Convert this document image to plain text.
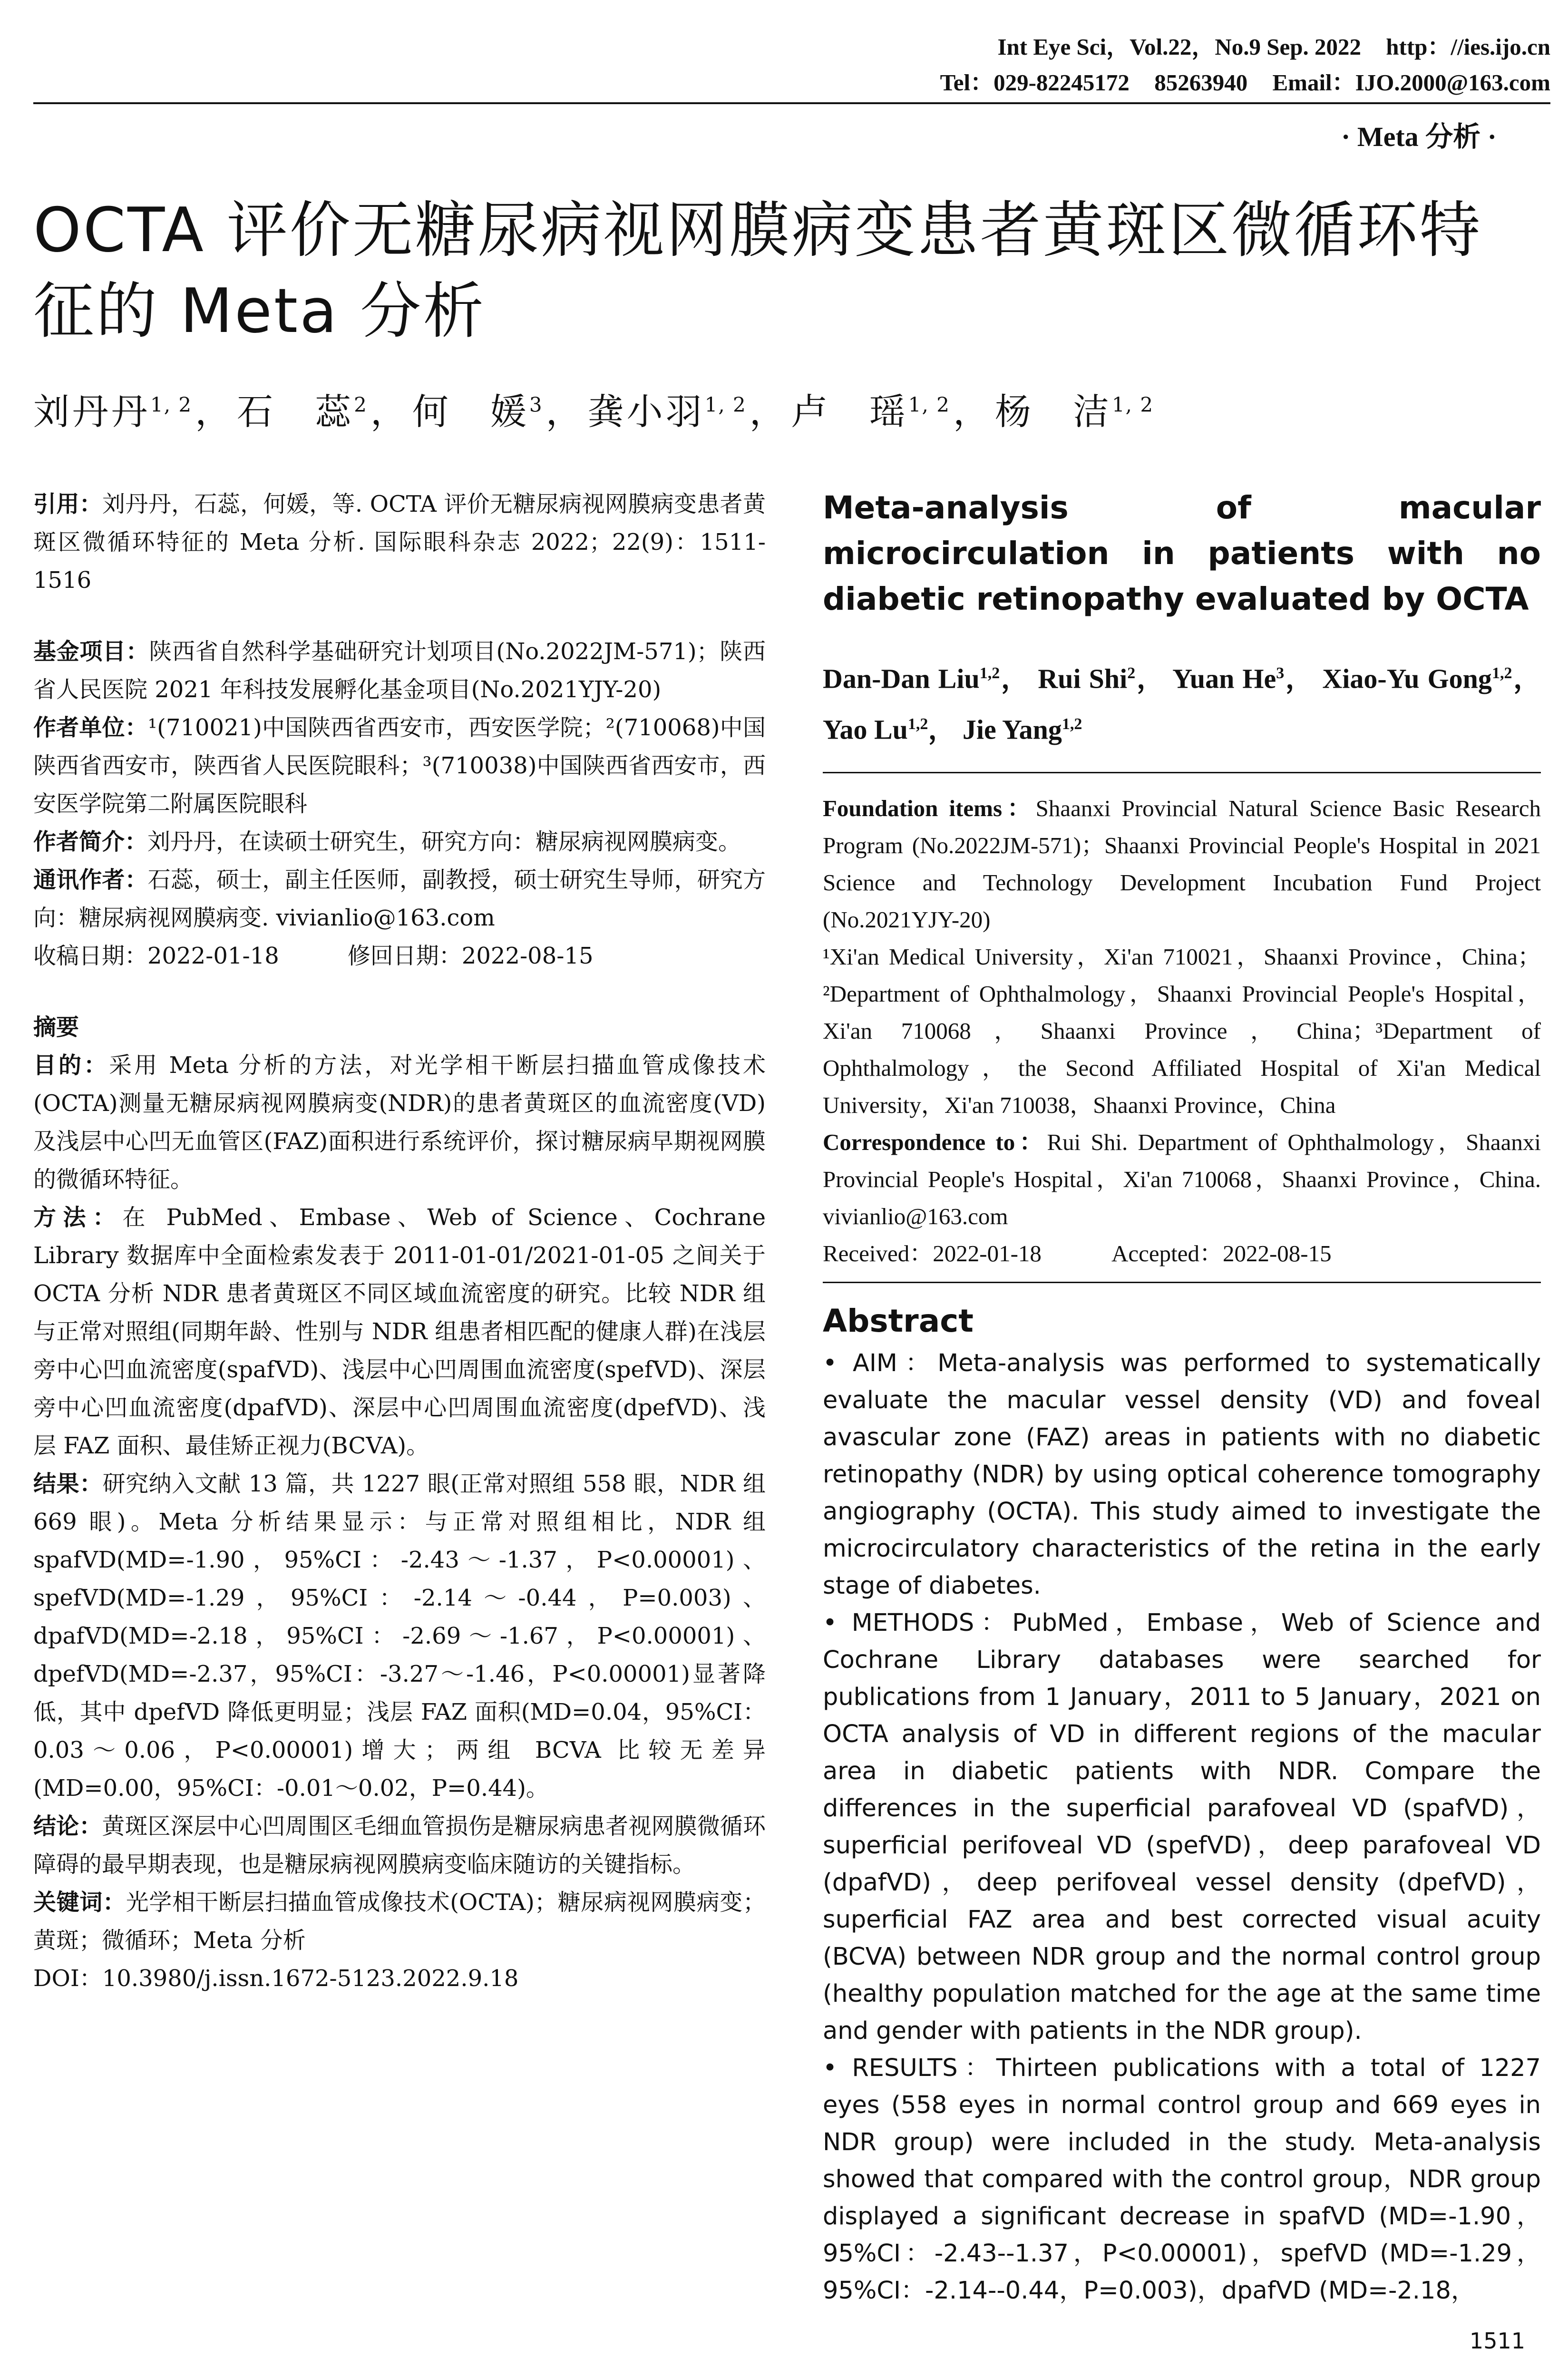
Int Eye Sci，Vol.22，No.9 Sep. 2022 http：//ies.ijo.cn
Tel：029-82245172 85263940 Email：IJO.2000@163.com
· Meta 分析 ·
OCTA 评价无糖尿病视网膜病变患者黄斑区微循环特征的 Meta 分析
刘丹丹$^{1, 2}$，石　蕊$^2$，何　媛$^3$，龚小羽$^{1, 2}$，卢　瑶$^{1, 2}$，杨　洁$^{1, 2}$

引用：刘丹丹，石蕊，何媛，等. OCTA 评价无糖尿病视网膜病变患者黄斑区微循环特征的 Meta 分析. 国际眼科杂志 2022；22(9)：1511-1516

基金项目：陕西省自然科学基础研究计划项目(No.2022JM-571)；陕西省人民医院 2021 年科技发展孵化基金项目(No.2021YJY-20)

作者单位：¹(710021)中国陕西省西安市，西安医学院；²(710068)中国陕西省西安市，陕西省人民医院眼科；³(710038)中国陕西省西安市，西安医学院第二附属医院眼科

作者简介：刘丹丹，在读硕士研究生，研究方向：糖尿病视网膜病变。

通讯作者：石蕊，硕士，副主任医师，副教授，硕士研究生导师，研究方向：糖尿病视网膜病变. vivianlio@163.com

收稿日期：2022-01-18　　　	修回日期：2022-08-15

摘要

目的：采用 Meta 分析的方法，对光学相干断层扫描血管成像技术(OCTA)测量无糖尿病视网膜病变(NDR)的患者黄斑区的血流密度(VD)及浅层中心凹无血管区(FAZ)面积进行系统评价，探讨糖尿病早期视网膜的微循环特征。

方法：在 PubMed、Embase、Web of Science、Cochrane Library 数据库中全面检索发表于 2011-01-01/2021-01-05 之间关于 OCTA 分析 NDR 患者黄斑区不同区域血流密度的研究。比较 NDR 组与正常对照组(同期年龄、性别与 NDR 组患者相匹配的健康人群)在浅层旁中心凹血流密度(spafVD)、浅层中心凹周围血流密度(spefVD)、深层旁中心凹血流密度(dpafVD)、深层中心凹周围血流密度(dpefVD)、浅层 FAZ 面积、最佳矫正视力(BCVA)。

结果：研究纳入文献 13 篇，共 1227 眼(正常对照组 558 眼，NDR 组 669 眼)。Meta 分析结果显示：与正常对照组相比，NDR 组 spafVD(MD=-1.90，95%CI：-2.43～-1.37，P<0.00001)、spefVD(MD=-1.29，95%CI：-2.14～-0.44，P=0.003)、dpafVD(MD=-2.18，95%CI：-2.69～-1.67，P<0.00001)、dpefVD(MD=-2.37，95%CI：-3.27～-1.46，P<0.00001)显著降低，其中 dpefVD 降低更明显；浅层 FAZ 面积(MD=0.04，95%CI：0.03～0.06，P<0.00001)增大；两组 BCVA 比较无差异(MD=0.00，95%CI：-0.01～0.02，P=0.44)。

结论：黄斑区深层中心凹周围区毛细血管损伤是糖尿病患者视网膜微循环障碍的最早期表现，也是糖尿病视网膜病变临床随访的关键指标。

关键词：光学相干断层扫描血管成像技术(OCTA)；糖尿病视网膜病变；黄斑；微循环；Meta 分析

DOI：10.3980/j.issn.1672-5123.2022.9.18

Meta-analysis of macular microcirculation in patients with no diabetic retinopathy evaluated by OCTA
Dan-Dan Liu$^{1,2}$， Rui Shi$^2$， Yuan He$^3$， Xiao-Yu Gong$^{1,2}$， Yao Lu$^{1,2}$， Jie Yang$^{1,2}$

Foundation items：Shaanxi Provincial Natural Science Basic Research Program (No.2022JM-571)；Shaanxi Provincial People's Hospital in 2021 Science and Technology Development Incubation Fund Project (No.2021YJY-20)

¹Xi'an Medical University，Xi'an 710021，Shaanxi Province，China；²Department of Ophthalmology，Shaanxi Provincial People's Hospital，Xi'an 710068，Shaanxi Province，China；³Department of Ophthalmology，the Second Affiliated Hospital of Xi'an Medical University，Xi'an 710038，Shaanxi Province，China

Correspondence to：Rui Shi. Department of Ophthalmology，Shaanxi Provincial People's Hospital，Xi'an 710068，Shaanxi Province，China. vivianlio@163.com

Received：2022-01-18　　　	Accepted：2022-08-15

Abstract

• AIM：Meta-analysis was performed to systematically evaluate the macular vessel density (VD) and foveal avascular zone (FAZ) areas in patients with no diabetic retinopathy (NDR) by using optical coherence tomography angiography (OCTA). This study aimed to investigate the microcirculatory characteristics of the retina in the early stage of diabetes.

• METHODS：PubMed，Embase，Web of Science and Cochrane Library databases were searched for publications from 1 January，2011 to 5 January，2021 on OCTA analysis of VD in different regions of the macular area in diabetic patients with NDR. Compare the differences in the superficial parafoveal VD (spafVD)，superficial perifoveal VD (spefVD)，deep parafoveal VD (dpafVD)，deep perifoveal vessel density (dpefVD)，superficial FAZ area and best corrected visual acuity (BCVA) between NDR group and the normal control group (healthy population matched for the age at the same time and gender with patients in the NDR group).

• RESULTS：Thirteen publications with a total of 1227 eyes (558 eyes in normal control group and 669 eyes in NDR group) were included in the study. Meta-analysis showed that compared with the control group，NDR group displayed a significant decrease in spafVD (MD=-1.90，95%CI：-2.43--1.37，P<0.00001)，spefVD (MD=-1.29，95%CI：-2.14--0.44，P=0.003)，dpafVD (MD=-2.18，

1511
